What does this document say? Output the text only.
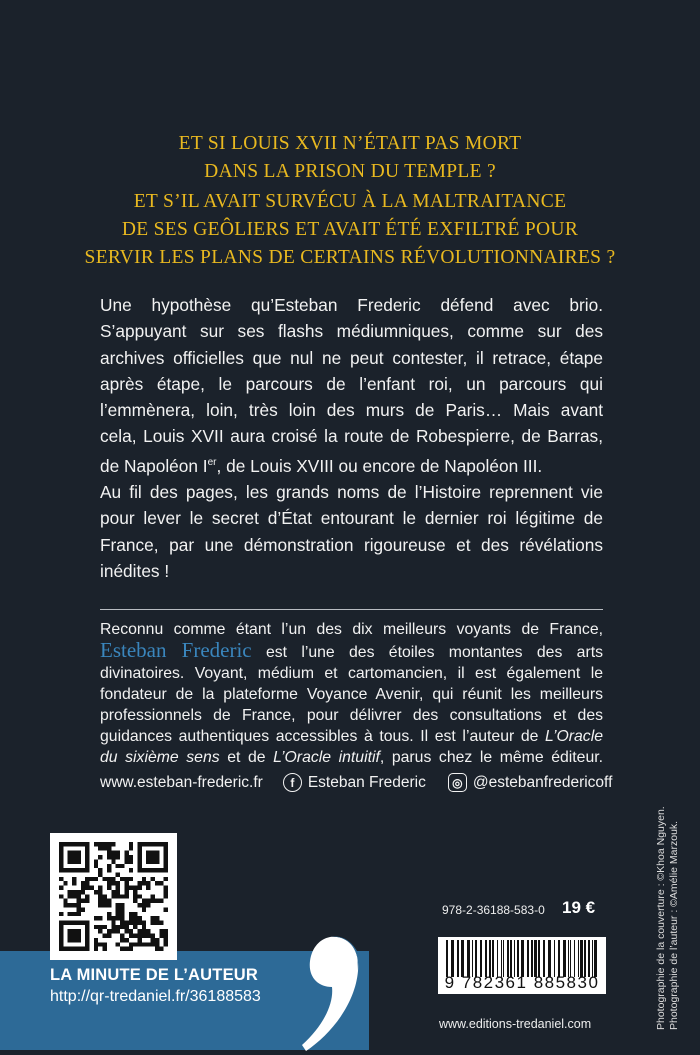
ET SI LOUIS XVII N’ÉTAIT PAS MORT
DANS LA PRISON DU TEMPLE ?
ET S’IL AVAIT SURVÉCU À LA MALTRAITANCE
DE SES GEÔLIERS ET AVAIT ÉTÉ EXFILTRÉ POUR
SERVIR LES PLANS DE CERTAINS RÉVOLUTIONNAIRES ?
Une hypothèse qu’Esteban Frederic défend avec brio.
S’appuyant sur ses flashs médiumniques, comme sur des
archives officielles que nul ne peut contester, il retrace, étape
après étape, le parcours de l’enfant roi, un parcours qui
l’emmènera, loin, très loin des murs de Paris… Mais avant
cela, Louis XVII aura croisé la route de Robespierre, de Barras,
de Napoléon Ier, de Louis XVIII ou encore de Napoléon III.
Au fil des pages, les grands noms de l’Histoire reprennent vie
pour lever le secret d’État entourant le dernier roi légitime de
France, par une démonstration rigoureuse et des révélations
inédites !
Reconnu comme étant l’un des dix meilleurs voyants de France,
Esteban Frederic est l’une des étoiles montantes des arts
divinatoires. Voyant, médium et cartomancien, il est également le
fondateur de la plateforme Voyance Avenir, qui réunit les meilleurs
professionnels de France, pour délivrer des consultations et des
guidances authentiques accessibles à tous. Il est l’auteur de L’Oracle
du sixième sens et de L’Oracle intuitif, parus chez le même éditeur.
www.esteban-frederic.fr	f Esteban Frederic	◎ @estebanfredericoff
LA MINUTE DE L’AUTEUR
http://qr-tredaniel.fr/36188583
978-2-36188-583-0 19 €
9 782361 885830
www.editions-tredaniel.com	Photographie de la couverture : ©Khoa Nguyen. Photographie de l’auteur : ©Amélie Marzouk.
